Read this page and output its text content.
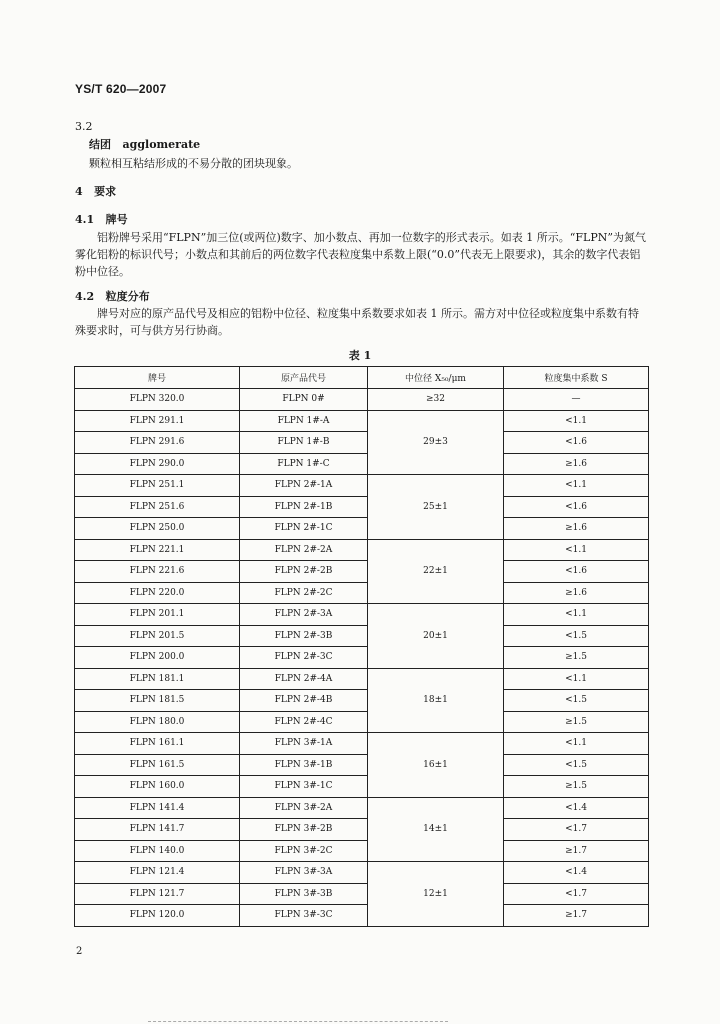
YS/T 620—2007
3.2
结团 agglomerate
颗粒相互粘结形成的不易分散的团块现象。
4 要求
4.1 牌号
铝粉牌号采用“FLPN”加三位(或两位)数字、加小数点、再加一位数字的形式表示。如表 1 所示。“FLPN”为氮气雾化铝粉的标识代号；小数点和其前后的两位数字代表粒度集中系数上限(“0.0”代表无上限要求)，其余的数字代表铝粉中位径。
4.2 粒度分布
牌号对应的原产品代号及相应的铝粉中位径、粒度集中系数要求如表 1 所示。需方对中位径或粒度集中系数有特殊要求时，可与供方另行协商。
表 1
牌号	原产品代号	中位径 X₅₀/μm	粒度集中系数 S
FLPN 320.0	FLPN 0#	≥32	—
FLPN 291.1	FLPN 1#-A	29±3	<1.1
FLPN 291.6	FLPN 1#-B		<1.6
FLPN 290.0	FLPN 1#-C		≥1.6
FLPN 251.1	FLPN 2#-1A	25±1	<1.1
FLPN 251.6	FLPN 2#-1B		<1.6
FLPN 250.0	FLPN 2#-1C		≥1.6
FLPN 221.1	FLPN 2#-2A	22±1	<1.1
FLPN 221.6	FLPN 2#-2B		<1.6
FLPN 220.0	FLPN 2#-2C		≥1.6
FLPN 201.1	FLPN 2#-3A	20±1	<1.1
FLPN 201.5	FLPN 2#-3B		<1.5
FLPN 200.0	FLPN 2#-3C		≥1.5
FLPN 181.1	FLPN 2#-4A	18±1	<1.1
FLPN 181.5	FLPN 2#-4B		<1.5
FLPN 180.0	FLPN 2#-4C		≥1.5
FLPN 161.1	FLPN 3#-1A	16±1	<1.1
FLPN 161.5	FLPN 3#-1B		<1.5
FLPN 160.0	FLPN 3#-1C		≥1.5
FLPN 141.4	FLPN 3#-2A	14±1	<1.4
FLPN 141.7	FLPN 3#-2B		<1.7
FLPN 140.0	FLPN 3#-2C		≥1.7
FLPN 121.4	FLPN 3#-3A	12±1	<1.4
FLPN 121.7	FLPN 3#-3B		<1.7
FLPN 120.0	FLPN 3#-3C		≥1.7
2
